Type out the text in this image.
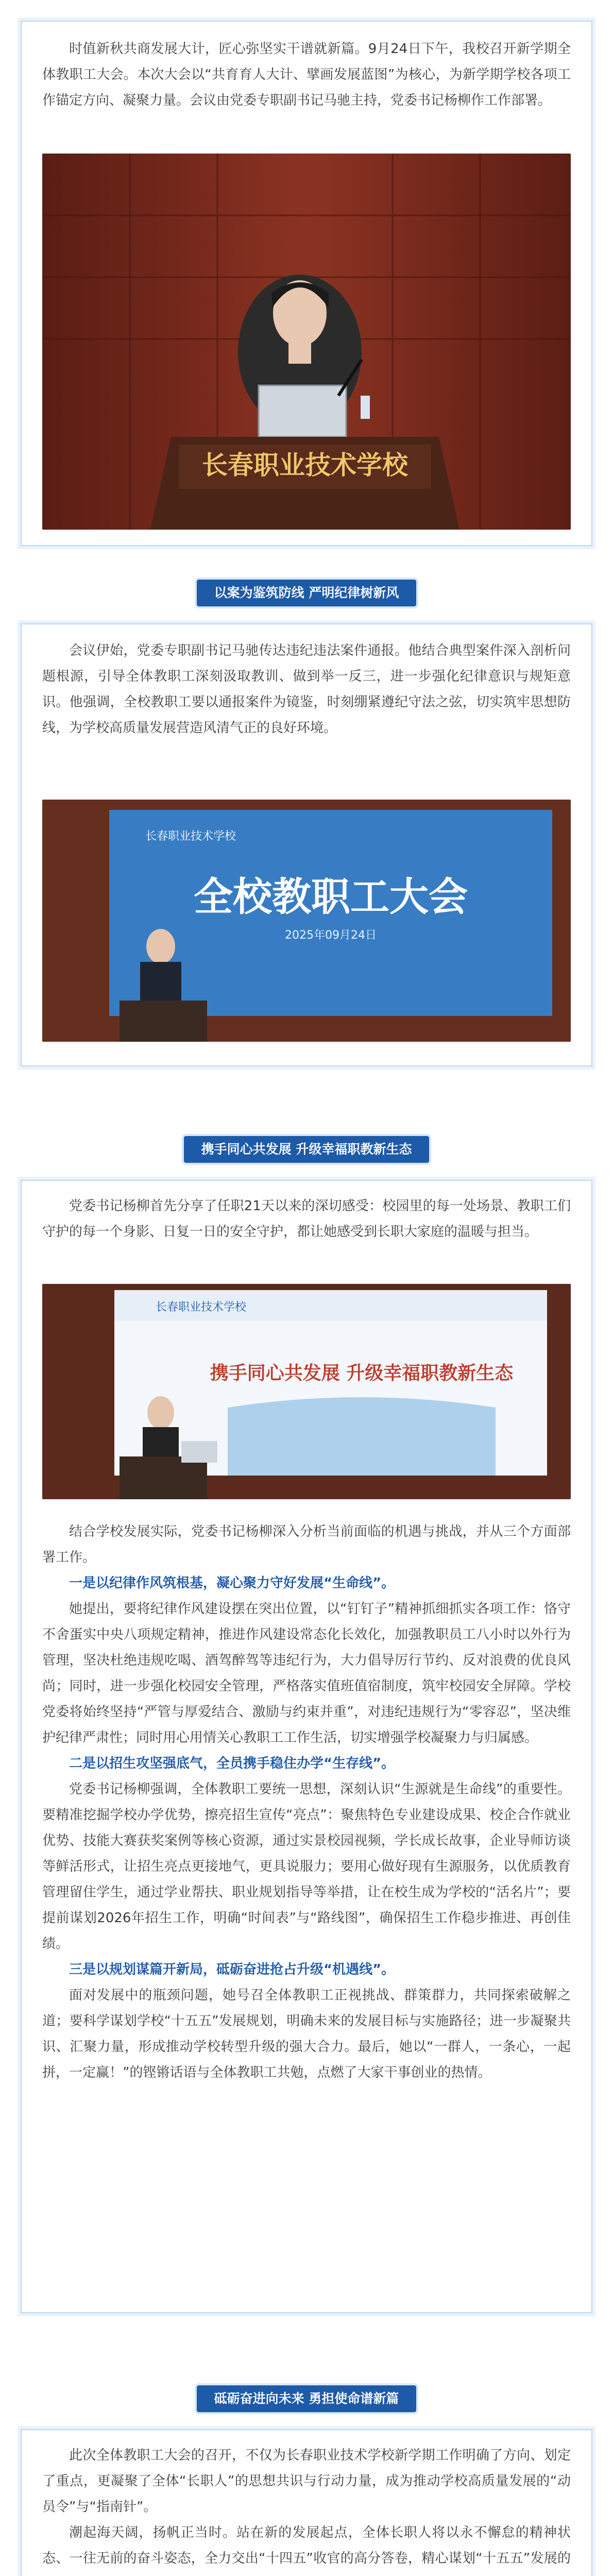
时值新秋共商发展大计，匠心弥坚实干谱就新篇。9月24日下午，我校召开新学期全体教职工大会。本次大会以“共育育人大计、擘画发展蓝图”为核心，为新学期学校各项工作锚定方向、凝聚力量。会议由党委专职副书记马驰主持，党委书记杨柳作工作部署。

长春职业技术学校
以案为鉴筑防线 严明纪律树新风

会议伊始，党委专职副书记马驰传达违纪违法案件通报。他结合典型案件深入剖析问题根源，引导全体教职工深刻汲取教训、做到举一反三，进一步强化纪律意识与规矩意识。他强调，全校教职工要以通报案件为镜鉴，时刻绷紧遵纪守法之弦，切实筑牢思想防线，为学校高质量发展营造风清气正的良好环境。

长春职业技术学校
全校教职工大会
2025年09月24日
携手同心共发展 升级幸福职教新生态

党委书记杨柳首先分享了任职21天以来的深切感受：校园里的每一处场景、教职工们守护的每一个身影、日复一日的安全守护，都让她感受到长职大家庭的温暖与担当。

长春职业技术学校
携手同心共发展 升级幸福职教新生态

结合学校发展实际，党委书记杨柳深入分析当前面临的机遇与挑战，并从三个方面部署工作。

一是以纪律作风筑根基，凝心聚力守好发展“生命线”。

她提出，要将纪律作风建设摆在突出位置，以“钉钉子”精神抓细抓实各项工作：恪守不舍蛋实中央八项规定精神，推进作风建设常态化长效化，加强教职员工八小时以外行为管理，坚决杜绝违规吃喝、酒驾醉驾等违纪行为，大力倡导厉行节约、反对浪费的优良风尚；同时，进一步强化校园安全管理，严格落实值班值宿制度，筑牢校园安全屏障。学校党委将始终坚持“严管与厚爱结合、激励与约束并重”，对违纪违规行为“零容忍”，坚决维护纪律严肃性；同时用心用情关心教职工工作生活，切实增强学校凝聚力与归属感。

二是以招生攻坚强底气，全员携手稳住办学“生存线”。

党委书记杨柳强调，全体教职工要统一思想，深刻认识“生源就是生命线”的重要性。要精准挖掘学校办学优势，擦亮招生宣传“亮点”：聚焦特色专业建设成果、校企合作就业优势、技能大赛获奖案例等核心资源，通过实景校园视频，学长成长故事，企业导师访谈等鲜活形式，让招生亮点更接地气，更具说服力；要用心做好现有生源服务，以优质教育管理留住学生，通过学业帮扶、职业规划指导等举措，让在校生成为学校的“活名片”；要提前谋划2026年招生工作，明确“时间表”与“路线图”，确保招生工作稳步推进、再创佳绩。

三是以规划谋篇开新局，砥砺奋进抢占升级“机遇线”。

面对发展中的瓶颈问题，她号召全体教职工正视挑战、群策群力，共同探索破解之道；要科学谋划学校“十五五”发展规划，明确未来的发展目标与实施路径；进一步凝聚共识、汇聚力量，形成推动学校转型升级的强大合力。最后，她以“一群人，一条心，一起拼，一定赢！”的铿锵话语与全体教职工共勉，点燃了大家干事创业的热情。

砥砺奋进向未来 勇担使命谱新篇

此次全体教职工大会的召开，不仅为长春职业技术学校新学期工作明确了方向、划定了重点，更凝聚了全体“长职人”的思想共识与行动力量，成为推动学校高质量发展的“动员令”与“指南针”。

潮起海天阔，扬帆正当时。站在新的发展起点，全体长职人将以永不懈怠的精神状态、一往无前的奋斗姿态，全力交出“十四五”收官的高分答卷，精心谋划“十五五”发展的
